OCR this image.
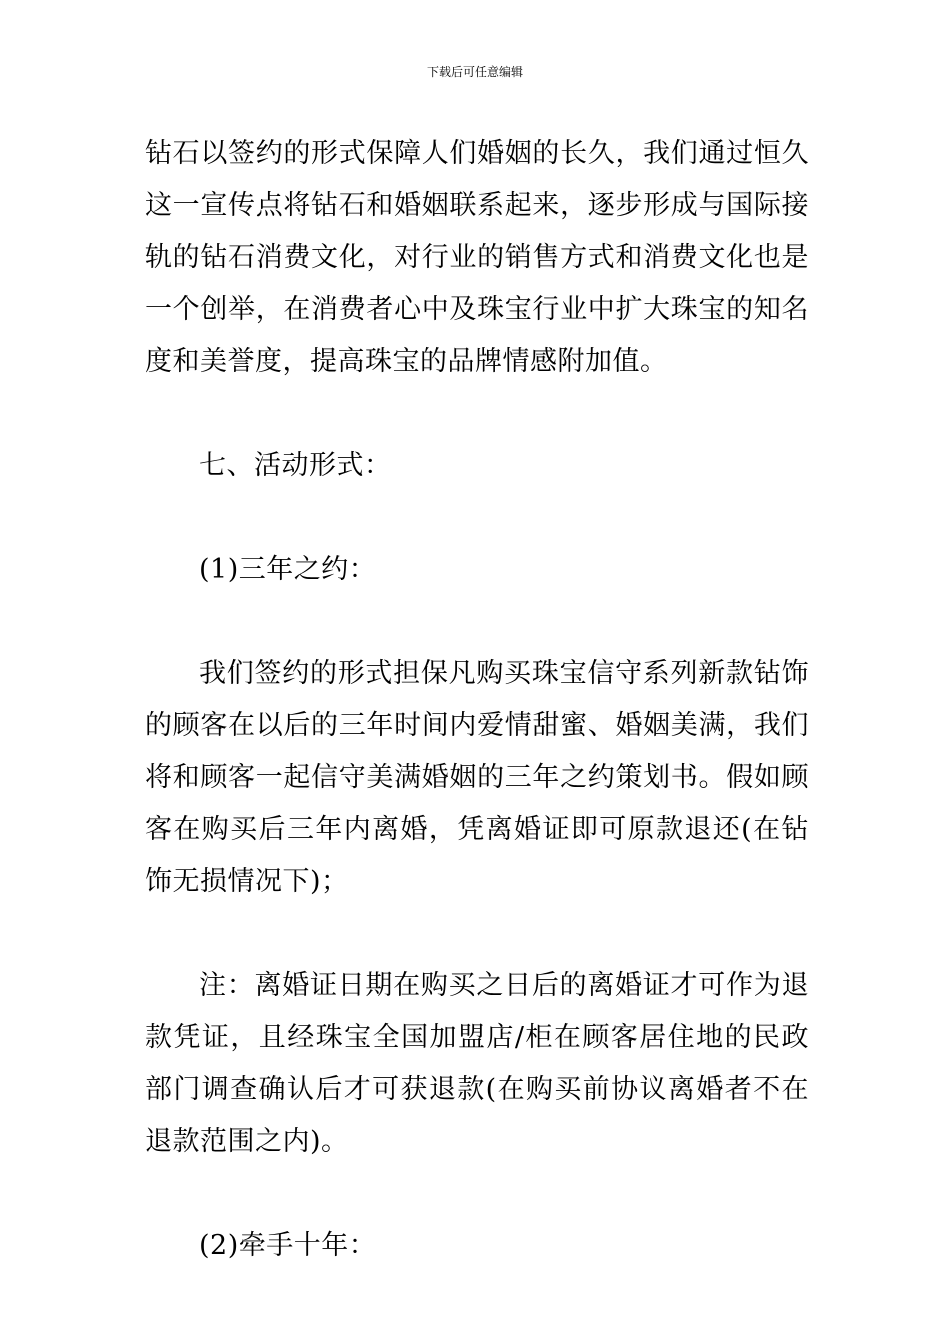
下载后可任意编辑

钻石以签约的形式保障人们婚姻的长久，我们通过恒久这一宣传点将钻石和婚姻联系起来，逐步形成与国际接轨的钻石消费文化，对行业的销售方式和消费文化也是一个创举，在消费者心中及珠宝行业中扩大珠宝的知名度和美誉度，提高珠宝的品牌情感附加值。

七、活动形式：

(1)三年之约：

我们签约的形式担保凡购买珠宝信守系列新款钻饰的顾客在以后的三年时间内爱情甜蜜、婚姻美满，我们将和顾客一起信守美满婚姻的三年之约策划书。假如顾客在购买后三年内离婚，凭离婚证即可原款退还(在钻饰无损情况下)；

注：离婚证日期在购买之日后的离婚证才可作为退款凭证，且经珠宝全国加盟店/柜在顾客居住地的民政部门调查确认后才可获退款(在购买前协议离婚者不在退款范围之内)。

(2)牵手十年：
